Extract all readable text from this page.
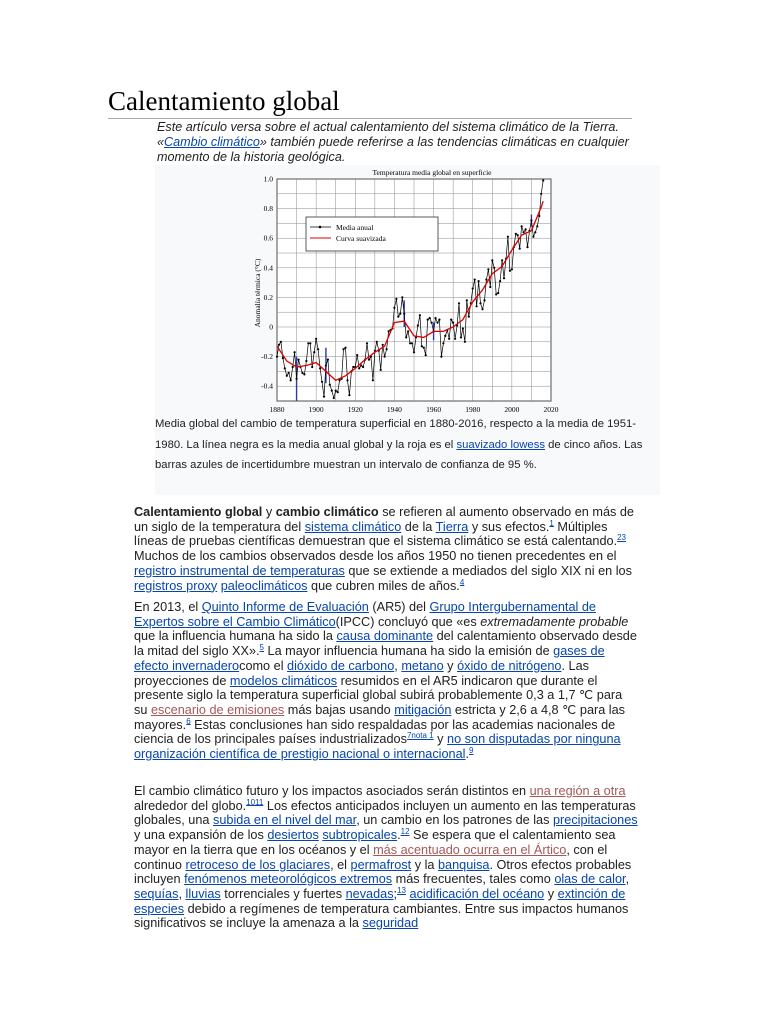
Calentamiento global
Este artículo versa sobre el actual calentamiento del sistema climático de la Tierra.
«Cambio climático» también puede referirse a las tendencias climáticas en cualquier momento de la historia geológica.
Temperatura media global en superficie
Anomalía térmica (°C)
1.0
0.8
0.6
0.4
0.2
0
-0.2
-0.4
1880	1900	1920	1940	1960	1980	2000	2020
Media anual
Curva suavizada
Media global del cambio de temperatura superficial en 1880-2016, respecto a la media de 1951-1980. La línea negra es la media anual global y la roja es el suavizado lowess de cinco años. Las barras azules de incertidumbre muestran un intervalo de confianza de 95 %.
Calentamiento global y cambio climático se refieren al aumento observado en más de un siglo de la temperatura del sistema climático de la Tierra y sus efectos.$^1$ Múltiples líneas de pruebas científicas demuestran que el sistema climático se está calentando.$^{23}$ Muchos de los cambios observados desde los años 1950 no tienen precedentes en el registro instrumental de temperaturas que se extiende a mediados del siglo XIX ni en los registros proxy paleoclimáticos que cubren miles de años.$^4$
En 2013, el Quinto Informe de Evaluación (AR5) del Grupo Intergubernamental de Expertos sobre el Cambio Climático(IPCC) concluyó que «es extremadamente probable que la influencia humana ha sido la causa dominante del calentamiento observado desde la mitad del siglo XX».$^5$ La mayor influencia humana ha sido la emisión de gases de efecto invernaderocomo el dióxido de carbono, metano y óxido de nitrógeno. Las proyecciones de modelos climáticos resumidos en el AR5 indicaron que durante el presente siglo la temperatura superficial global subirá probablemente 0,3 a 1,7 ℃ para su escenario de emisiones más bajas usando mitigación estricta y 2,6 a 4,8 ℃ para las mayores.$^6$ Estas conclusiones han sido respaldadas por las academias nacionales de ciencia de los principales países industrializados$^{7nota 1}$ y no son disputadas por ninguna organización científica de prestigio nacional o internacional.$^9$
El cambio climático futuro y los impactos asociados serán distintos en una región a otra alrededor del globo.$^{1011}$ Los efectos anticipados incluyen un aumento en las temperaturas globales, una subida en el nivel del mar, un cambio en los patrones de las precipitaciones y una expansión de los desiertos subtropicales.$^{12}$ Se espera que el calentamiento sea mayor en la tierra que en los océanos y el más acentuado ocurra en el Ártico, con el continuo retroceso de los glaciares, el permafrost y la banquisa. Otros efectos probables incluyen fenómenos meteorológicos extremos más frecuentes, tales como olas de calor, sequías, lluvias torrenciales y fuertes nevadas;$^{13}$ acidificación del océano y extinción de especies debido a regímenes de temperatura cambiantes. Entre sus impactos humanos significativos se incluye la amenaza a la seguridad
